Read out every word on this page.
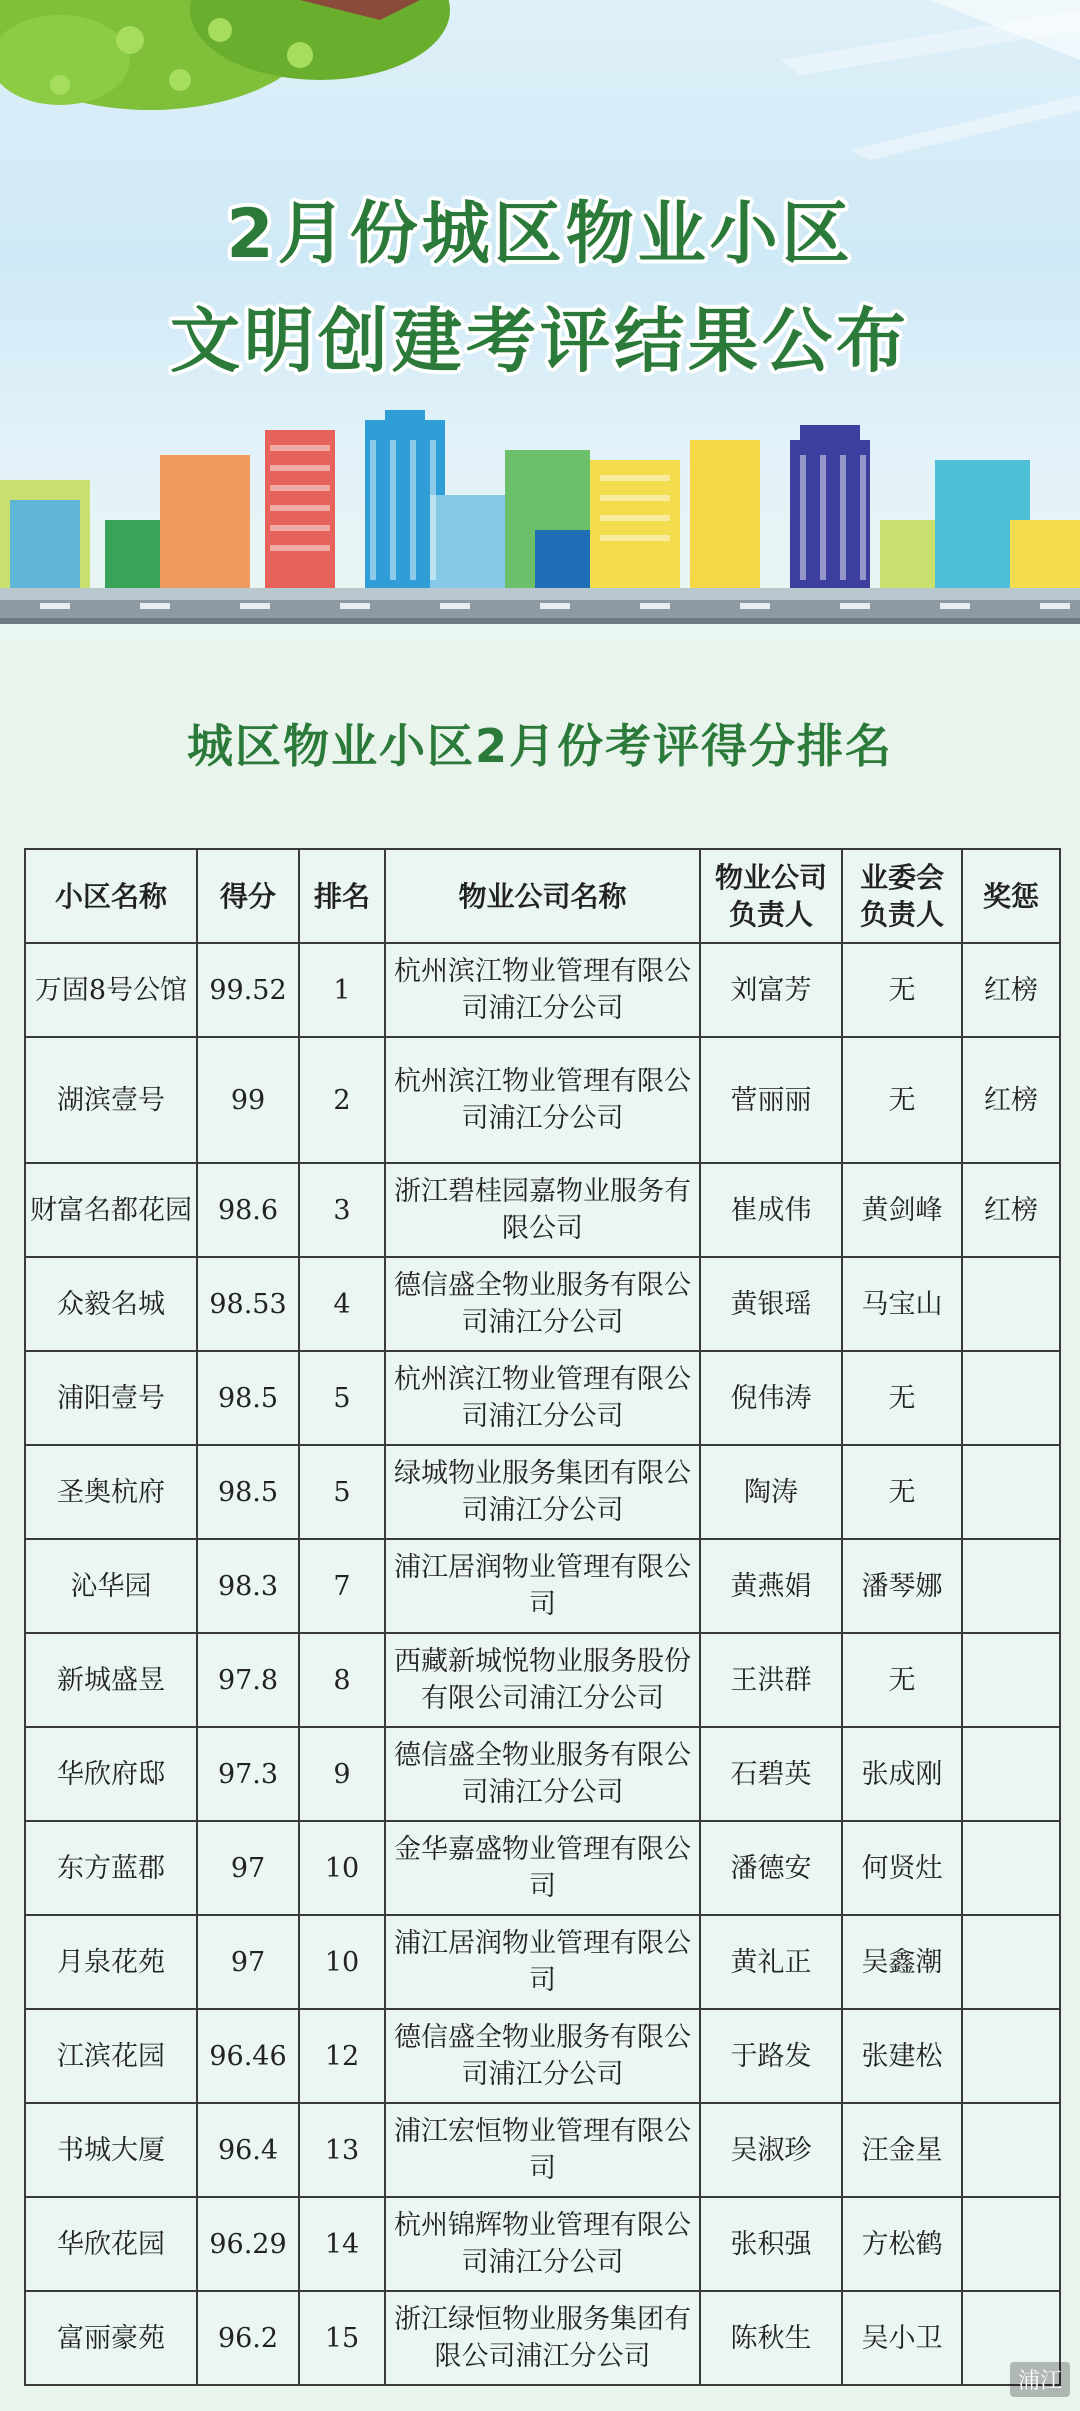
2月份城区物业小区
文明创建考评结果公布
城区物业小区2月份考评得分排名
小区名称	得分	排名	物业公司名称	物业公司负责人	业委会负责人	奖惩
万固8号公馆	99.52	1	杭州滨江物业管理有限公司浦江分公司	刘富芳	无	红榜
湖滨壹号	99	2	杭州滨江物业管理有限公司浦江分公司	菅丽丽	无	红榜
财富名都花园	98.6	3	浙江碧桂园嘉物业服务有限公司	崔成伟	黄剑峰	红榜
众毅名城	98.53	4	德信盛全物业服务有限公司浦江分公司	黄银瑶	马宝山	
浦阳壹号	98.5	5	杭州滨江物业管理有限公司浦江分公司	倪伟涛	无	
圣奥杭府	98.5	5	绿城物业服务集团有限公司浦江分公司	陶涛	无	
沁华园	98.3	7	浦江居润物业管理有限公司	黄燕娟	潘琴娜	
新城盛昱	97.8	8	西藏新城悦物业服务股份有限公司浦江分公司	王洪群	无	
华欣府邸	97.3	9	德信盛全物业服务有限公司浦江分公司	石碧英	张成刚	
东方蓝郡	97	10	金华嘉盛物业管理有限公司	潘德安	何贤灶	
月泉花苑	97	10	浦江居润物业管理有限公司	黄礼正	吴鑫潮	
江滨花园	96.46	12	德信盛全物业服务有限公司浦江分公司	于路发	张建松	
书城大厦	96.4	13	浦江宏恒物业管理有限公司	吴淑珍	汪金星	
华欣花园	96.29	14	杭州锦辉物业管理有限公司浦江分公司	张积强	方松鹤	
富丽豪苑	96.2	15	浙江绿恒物业服务集团有限公司浦江分公司	陈秋生	吴小卫	
浦江
